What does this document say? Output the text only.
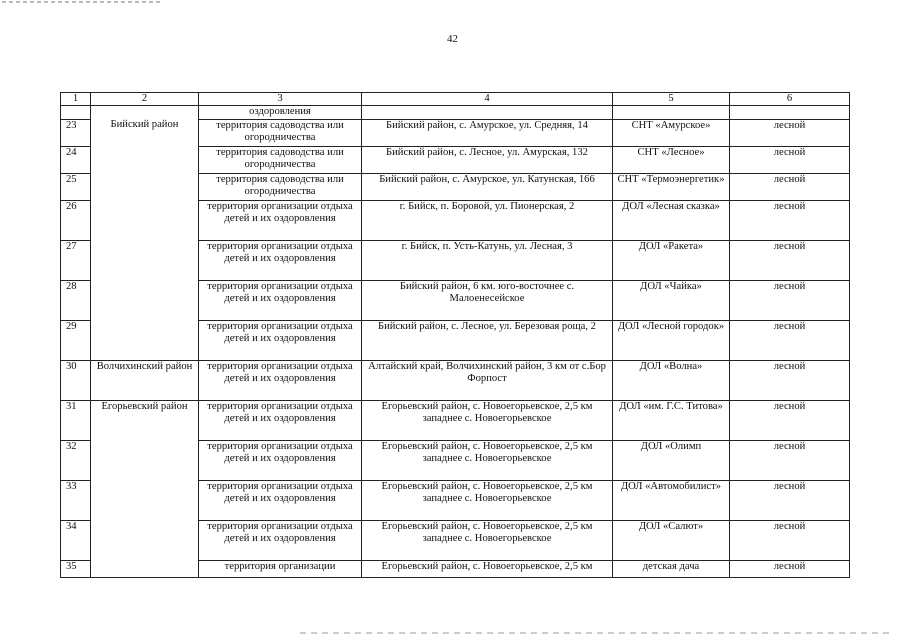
42
1	2	3	4	5	6
		оздоровления			
23	Бийский район	территория садоводства или огородничества	Бийский район, с. Амурское, ул. Средняя, 14	СНТ «Амурское»	лесной
24		территория садоводства или огородничества	Бийский район, с. Лесное, ул. Амурская, 132	СНТ «Лесное»	лесной
25		территория садоводства или огородничества	Бийский район, с. Амурское, ул. Катунская, 166	СНТ «Термоэнергетик»	лесной
26		территория организации отдыха детей и их оздоровления	г. Бийск, п. Боровой, ул. Пионерская, 2	ДОЛ «Лесная сказка»	лесной
27		территория организации отдыха детей и их оздоровления	г. Бийск, п. Усть-Катунь, ул. Лесная, 3	ДОЛ «Ракета»	лесной
28		территория организации отдыха детей и их оздоровления	Бийский район, 6 км. юго-восточнее с. Малоенесейское	ДОЛ «Чайка»	лесной
29		территория организации отдыха детей и их оздоровления	Бийский район, с. Лесное, ул. Березовая роща, 2	ДОЛ «Лесной городок»	лесной
30	Волчихинский район	территория организации отдыха детей и их оздоровления	Алтайский край, Волчихинский район, 3 км от с.Бор Форпост	ДОЛ «Волна»	лесной
31	Егорьевский район	территория организации отдыха детей и их оздоровления	Егорьевский район, с. Новоегорьевское, 2,5 км западнее с. Новоегорьевское	ДОЛ «им. Г.С. Титова»	лесной
32		территория организации отдыха детей и их оздоровления	Егорьевский район, с. Новоегорьевское, 2,5 км западнее с. Новоегорьевское	ДОЛ «Олимп	лесной
33		территория организации отдыха детей и их оздоровления	Егорьевский район, с. Новоегорьевское, 2,5 км западнее с. Новоегорьевское	ДОЛ «Автомобилист»	лесной
34		территория организации отдыха детей и их оздоровления	Егорьевский район, с. Новоегорьевское, 2,5 км западнее с. Новоегорьевское	ДОЛ «Салют»	лесной
35		территория организации	Егорьевский район, с. Новоегорьевское, 2,5 км	детская дача	лесной
